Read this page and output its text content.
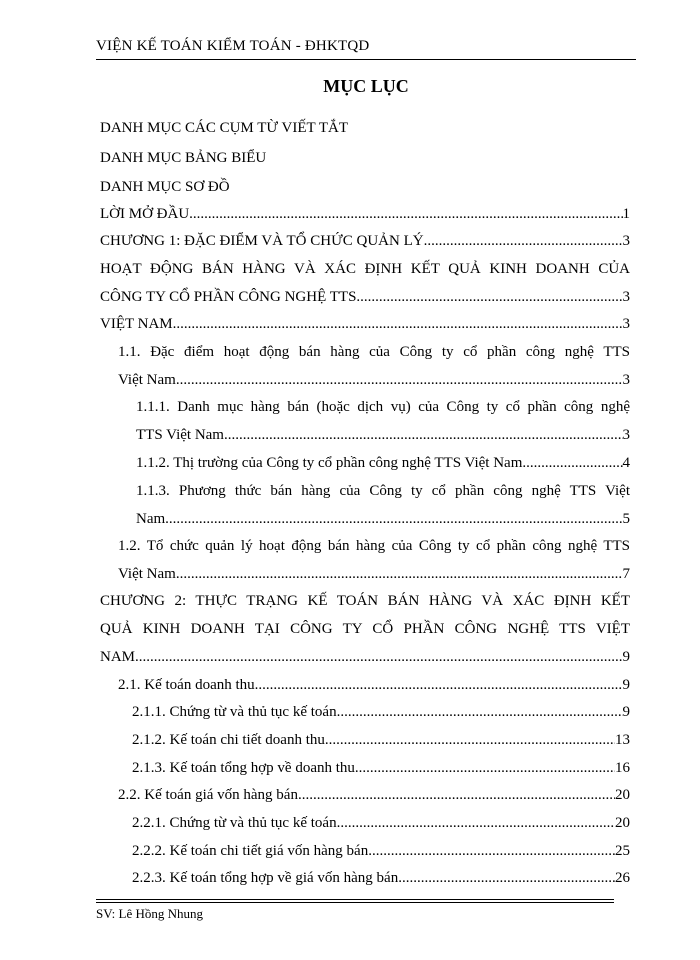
VIỆN KẾ TOÁN KIỂM TOÁN - ĐHKTQD
MỤC LỤC
DANH MỤC CÁC CỤM TỪ VIẾT TẮT
DANH MỤC BẢNG BIỂU
DANH MỤC SƠ ĐỒ
LỜI MỞ ĐẦU .....	1
CHƯƠNG 1: ĐẶC ĐIỂM VÀ TỔ CHỨC QUẢN LÝ .....	3
HOẠT ĐỘNG BÁN HÀNG VÀ XÁC ĐỊNH KẾT QUẢ KINH DOANH CỦA
CÔNG TY CỔ PHẦN CÔNG NGHỆ TTS .....	3
VIỆT NAM .....	3
1.1. Đặc điểm hoạt động bán hàng của Công ty cổ phần công nghệ TTS
Việt Nam .....	3
1.1.1. Danh mục hàng bán (hoặc dịch vụ) của Công ty cổ phần công nghệ
TTS Việt Nam .....	3
1.1.2. Thị trường của Công ty cổ phần công nghệ TTS Việt Nam .....	4
1.1.3. Phương thức bán hàng của Công ty cổ phần công nghệ TTS Việt
Nam .....	5
1.2. Tổ chức quản lý hoạt động bán hàng của Công ty cổ phần công nghệ TTS
Việt Nam .....	7
CHƯƠNG 2: THỰC TRẠNG KẾ TOÁN BÁN HÀNG VÀ XÁC ĐỊNH KẾT
QUẢ KINH DOANH TẠI CÔNG TY CỔ PHẦN CÔNG NGHỆ TTS VIỆT
NAM .....	9
2.1. Kế toán doanh thu .....	9
2.1.1. Chứng từ và thủ tục kế toán .....	9
2.1.2. Kế toán chi tiết doanh thu .....	13
2.1.3. Kế toán tổng hợp về doanh thu .....	16
2.2. Kế toán giá vốn hàng bán .....	20
2.2.1. Chứng từ và thủ tục kế toán .....	20
2.2.2. Kế toán chi tiết giá vốn hàng bán .....	25
2.2.3. Kế toán tổng hợp về giá vốn hàng bán .....	26
SV: Lê Hồng Nhung
